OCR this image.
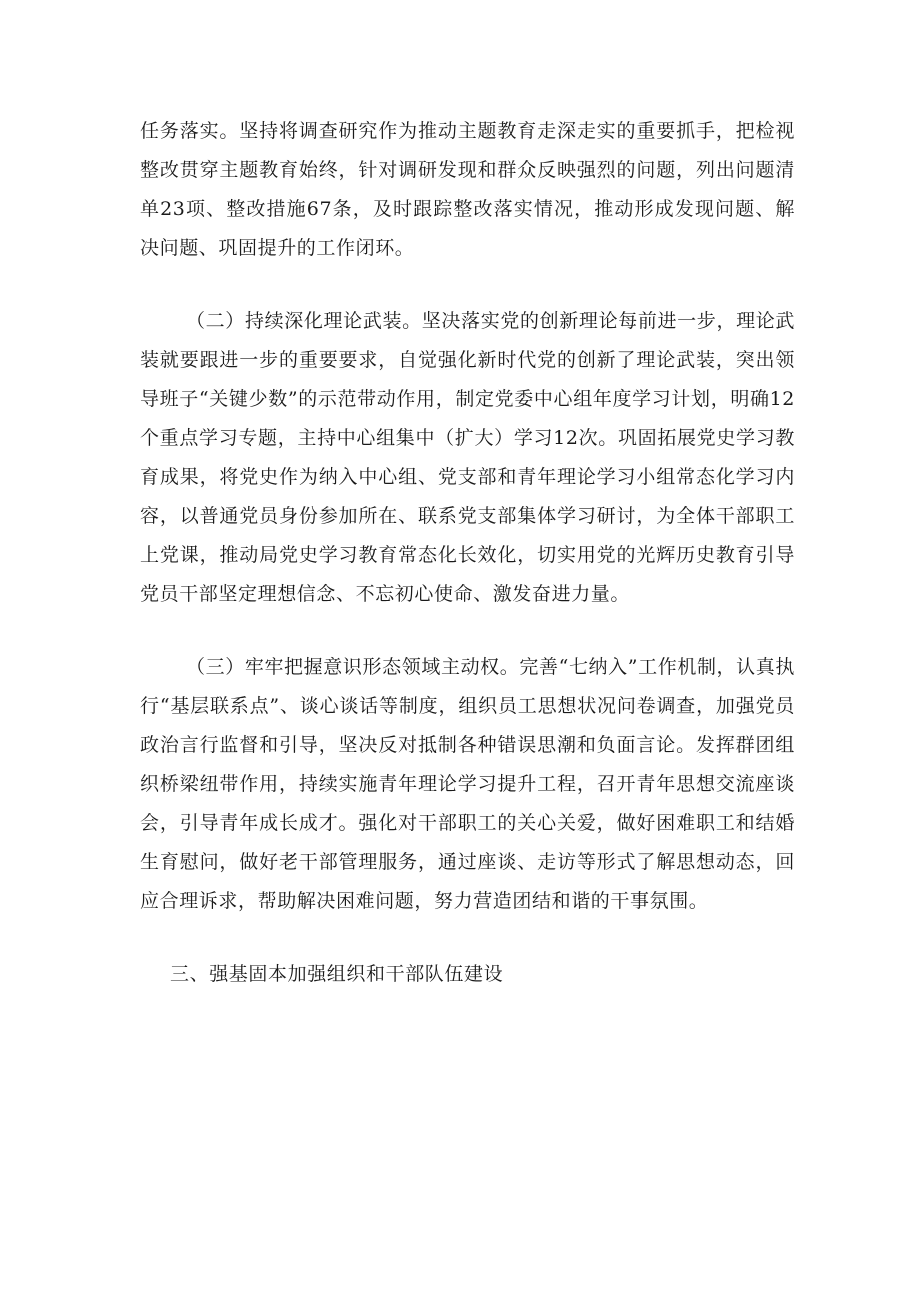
任务落实。坚持将调查研究作为推动主题教育走深走实的重要抓手，把检视整改贯穿主题教育始终，针对调研发现和群众反映强烈的问题，列出问题清单23项、整改措施67条，及时跟踪整改落实情况，推动形成发现问题、解决问题、巩固提升的工作闭环。

（二）持续深化理论武装。坚决落实党的创新理论每前进一步，理论武装就要跟进一步的重要要求，自觉强化新时代党的创新了理论武装，突出领导班子“关键少数”的示范带动作用，制定党委中心组年度学习计划，明确12个重点学习专题，主持中心组集中（扩大）学习12次。巩固拓展党史学习教育成果，将党史作为纳入中心组、党支部和青年理论学习小组常态化学习内容，以普通党员身份参加所在、联系党支部集体学习研讨，为全体干部职工上党课，推动局党史学习教育常态化长效化，切实用党的光辉历史教育引导党员干部坚定理想信念、不忘初心使命、激发奋进力量。

（三）牢牢把握意识形态领域主动权。完善“七纳入”工作机制，认真执行“基层联系点”、谈心谈话等制度，组织员工思想状况问卷调查，加强党员政治言行监督和引导，坚决反对抵制各种错误思潮和负面言论。发挥群团组织桥梁纽带作用，持续实施青年理论学习提升工程，召开青年思想交流座谈会，引导青年成长成才。强化对干部职工的关心关爱，做好困难职工和结婚生育慰问，做好老干部管理服务，通过座谈、走访等形式了解思想动态，回应合理诉求，帮助解决困难问题，努力营造团结和谐的干事氛围。

三、强基固本加强组织和干部队伍建设
